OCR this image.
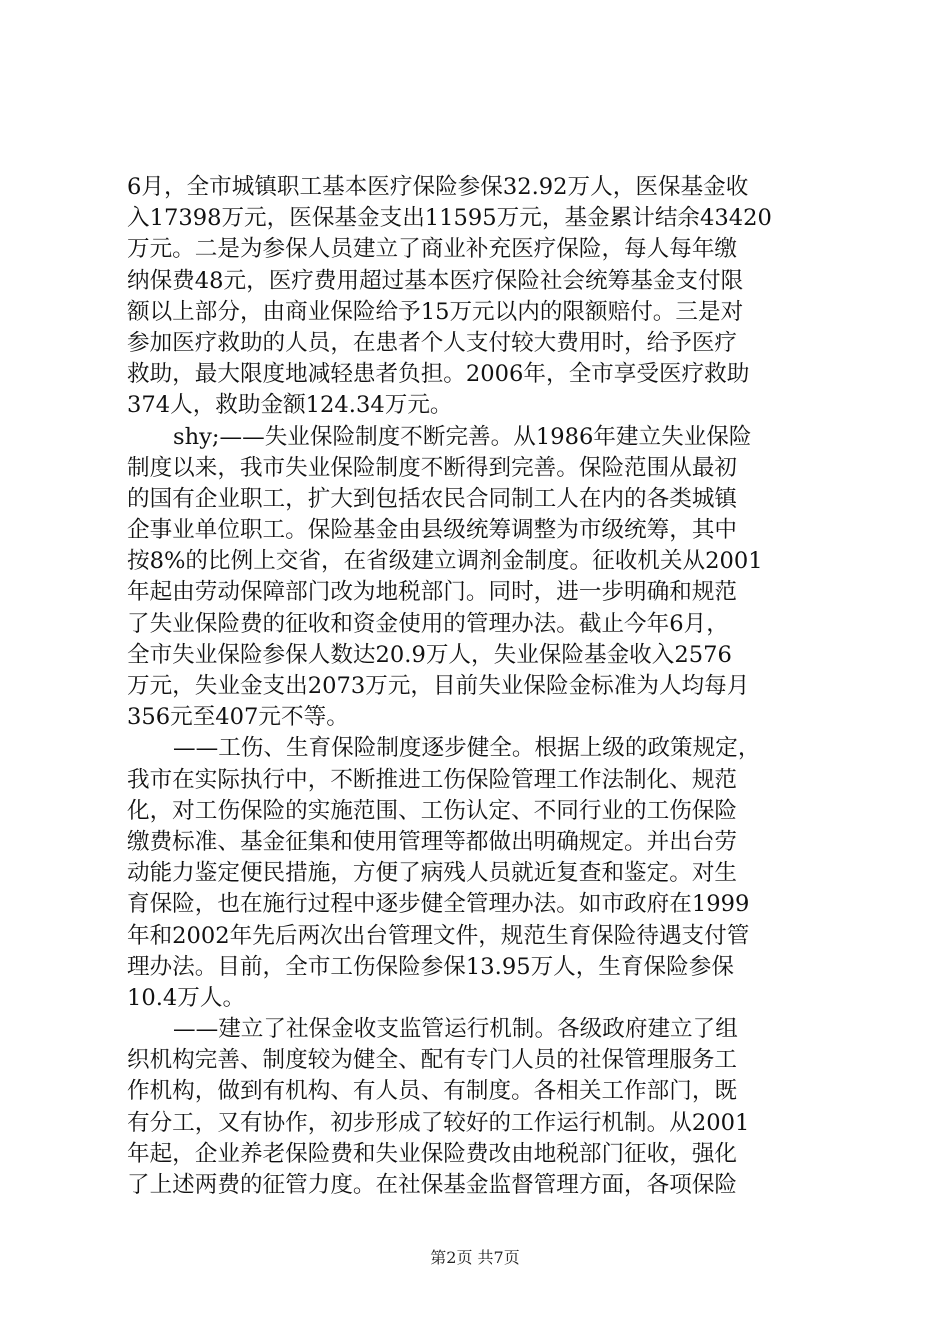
6月，全市城镇职工基本医疗保险参保32.92万人，医保基金收
入17398万元，医保基金支出11595万元，基金累计结余43420
万元。二是为参保人员建立了商业补充医疗保险，每人每年缴
纳保费48元，医疗费用超过基本医疗保险社会统筹基金支付限
额以上部分，由商业保险给予15万元以内的限额赔付。三是对
参加医疗救助的人员，在患者个人支付较大费用时，给予医疗
救助，最大限度地减轻患者负担。2006年，全市享受医疗救助
374人，救助金额124.34万元。
shy;——失业保险制度不断完善。从1986年建立失业保险
制度以来，我市失业保险制度不断得到完善。保险范围从最初
的国有企业职工，扩大到包括农民合同制工人在内的各类城镇
企事业单位职工。保险基金由县级统筹调整为市级统筹，其中
按8%的比例上交省，在省级建立调剂金制度。征收机关从2001
年起由劳动保障部门改为地税部门。同时，进一步明确和规范
了失业保险费的征收和资金使用的管理办法。截止今年6月，
全市失业保险参保人数达20.9万人，失业保险基金收入2576
万元，失业金支出2073万元，目前失业保险金标准为人均每月
356元至407元不等。
——工伤、生育保险制度逐步健全。根据上级的政策规定，
我市在实际执行中，不断推进工伤保险管理工作法制化、规范
化，对工伤保险的实施范围、工伤认定、不同行业的工伤保险
缴费标准、基金征集和使用管理等都做出明确规定。并出台劳
动能力鉴定便民措施，方便了病残人员就近复查和鉴定。对生
育保险，也在施行过程中逐步健全管理办法。如市政府在1999
年和2002年先后两次出台管理文件，规范生育保险待遇支付管
理办法。目前，全市工伤保险参保13.95万人，生育保险参保
10.4万人。
——建立了社保金收支监管运行机制。各级政府建立了组
织机构完善、制度较为健全、配有专门人员的社保管理服务工
作机构，做到有机构、有人员、有制度。各相关工作部门，既
有分工，又有协作，初步形成了较好的工作运行机制。从2001
年起，企业养老保险费和失业保险费改由地税部门征收，强化
了上述两费的征管力度。在社保基金监督管理方面，各项保险
第2页 共7页
